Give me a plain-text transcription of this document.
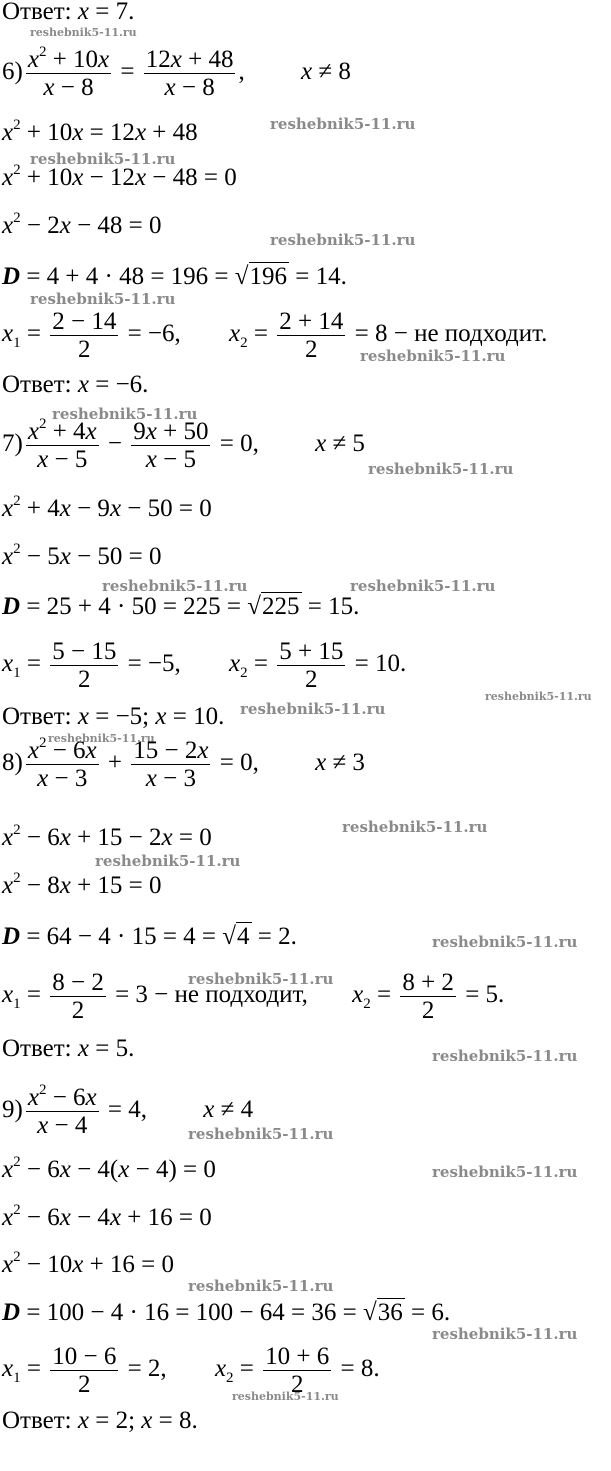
Ответ: x = 7.
reshebnik5-11.ru
$6) \frac{x^2 + 10x}{x - 8} = \frac{12x + 48}{x - 8}$ , x ≠ 8
reshebnik5-11.ru
$x^2 + 10x = 12x + 48$
reshebnik5-11.ru
$x^2 + 10x - 12x - 48 = 0$
$x^2 - 2x - 48 = 0$
reshebnik5-11.ru
D = 4 + 4 · 48 = 196 = √196 = 14.
reshebnik5-11.ru
$x_1 = \frac{2 - 14}{2} = -6$, $x_2 = \frac{2 + 14}{2} = 8$ − не подходит.
reshebnik5-11.ru
Ответ: x = −6.
reshebnik5-11.ru
$7) \frac{x^2 + 4x}{x - 5} - \frac{9x + 50}{x - 5} = 0$, x ≠ 5
reshebnik5-11.ru
$x^2 + 4x - 9x - 50 = 0$
$x^2 - 5x - 50 = 0$
reshebnik5-11.ru	reshebnik5-11.ru
D = 25 + 4 · 50 = 225 = √225 = 15.
$x_1 = \frac{5 - 15}{2} = -5$, $x_2 = \frac{5 + 15}{2} = 10$.
reshebnik5-11.ru
Ответ: x = −5; x = 10. reshebnik5-11.ru
reshebnik5-11.ru
$8) \frac{x^2 - 6x}{x - 3} + \frac{15 - 2x}{x - 3} = 0$, x ≠ 3
reshebnik5-11.ru
$x^2 - 6x + 15 - 2x = 0$
reshebnik5-11.ru
$x^2 - 8x + 15 = 0$
D = 64 − 4 · 15 = 4 = √4 = 2.	reshebnik5-11.ru
reshebnik5-11.ru
$x_1 = \frac{8 - 2}{2} = 3$ − не подходит, $x_2 = \frac{8 + 2}{2} = 5$.
Ответ: x = 5.	reshebnik5-11.ru
$9) \frac{x^2 - 6x}{x - 4} = 4$, x ≠ 4
reshebnik5-11.ru
$x^2 - 6x - 4(x - 4) = 0$	reshebnik5-11.ru
$x^2 - 6x - 4x + 16 = 0$
$x^2 - 10x + 16 = 0$
reshebnik5-11.ru
D = 100 − 4 · 16 = 100 − 64 = 36 = √36 = 6.
reshebnik5-11.ru
$x_1 = \frac{10 - 6}{2} = 2$, $x_2 = \frac{10 + 6}{2} = 8$.
reshebnik5-11.ru
Ответ: x = 2; x = 8.
